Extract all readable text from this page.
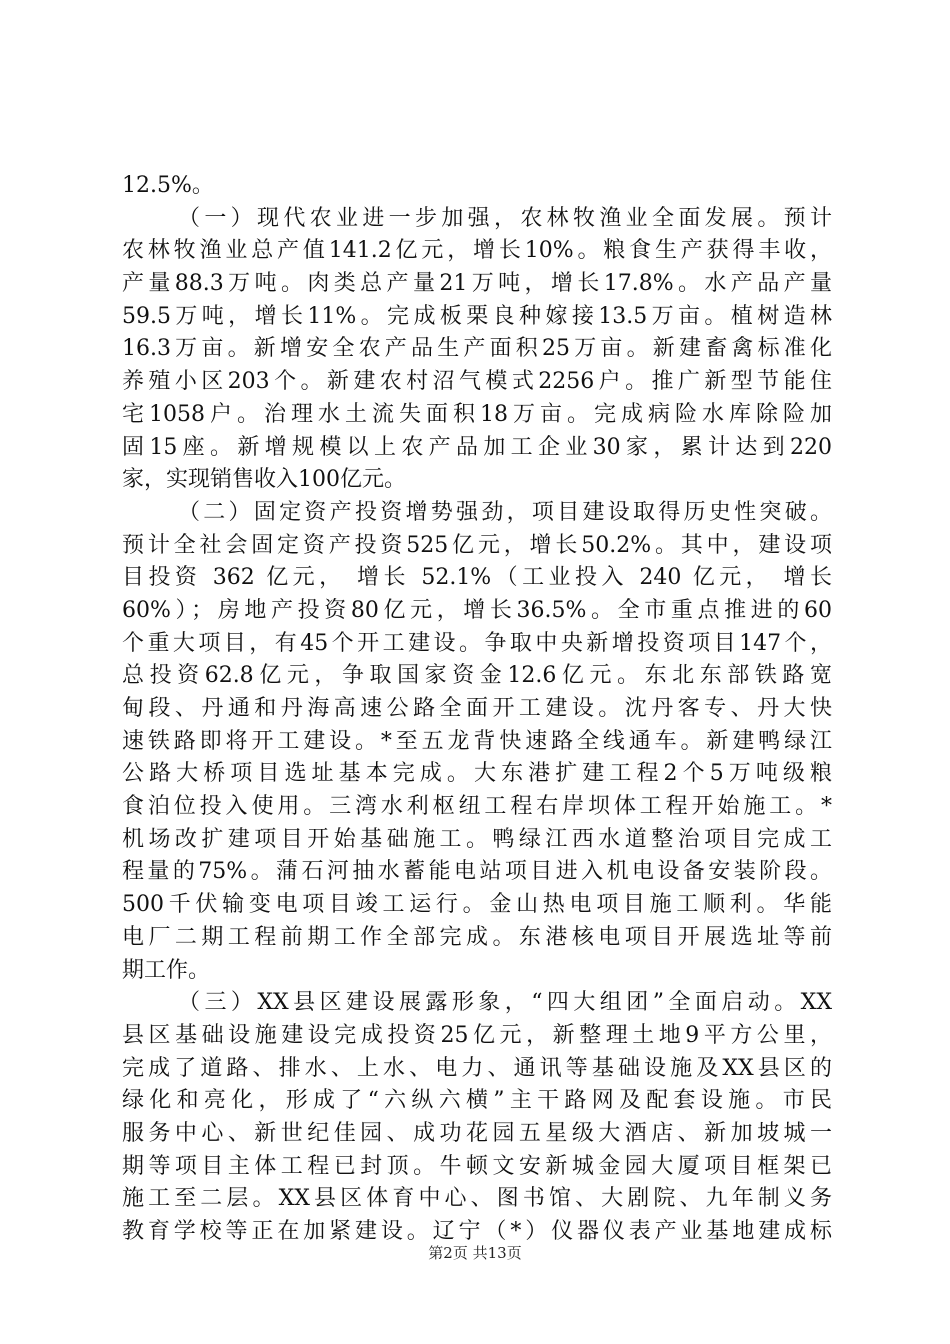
12.5%。
（一）现代农业进一步加强，农林牧渔业全面发展。预计
农林牧渔业总产值141.2亿元，增长10%。粮食生产获得丰收，
产量88.3万吨。肉类总产量21万吨，增长17.8%。水产品产量
59.5万吨，增长11%。完成板栗良种嫁接13.5万亩。植树造林
16.3万亩。新增安全农产品生产面积25万亩。新建畜禽标准化
养殖小区203个。新建农村沼气模式2256户。推广新型节能住
宅1058户。治理水土流失面积18万亩。完成病险水库除险加
固15座。新增规模以上农产品加工企业30家，累计达到220
家，实现销售收入100亿元。
（二）固定资产投资增势强劲，项目建设取得历史性突破。
预计全社会固定资产投资525亿元，增长50.2%。其中，建设项
目投资 362 亿元， 增长 52.1%（工业投入 240 亿元， 增长
60%）；房地产投资80亿元，增长36.5%。全市重点推进的60
个重大项目，有45个开工建设。争取中央新增投资项目147个，
总投资62.8亿元，争取国家资金12.6亿元。东北东部铁路宽
甸段、丹通和丹海高速公路全面开工建设。沈丹客专、丹大快
速铁路即将开工建设。*至五龙背快速路全线通车。新建鸭绿江
公路大桥项目选址基本完成。大东港扩建工程2个5万吨级粮
食泊位投入使用。三湾水利枢纽工程右岸坝体工程开始施工。*
机场改扩建项目开始基础施工。鸭绿江西水道整治项目完成工
程量的75%。蒲石河抽水蓄能电站项目进入机电设备安装阶段。
500千伏输变电项目竣工运行。金山热电项目施工顺利。华能
电厂二期工程前期工作全部完成。东港核电项目开展选址等前
期工作。
（三）XX县区建设展露形象，“四大组团”全面启动。XX
县区基础设施建设完成投资25亿元，新整理土地9平方公里，
完成了道路、排水、上水、电力、通讯等基础设施及XX县区的
绿化和亮化，形成了“六纵六横”主干路网及配套设施。市民
服务中心、新世纪佳园、成功花园五星级大酒店、新加坡城一
期等项目主体工程已封顶。牛顿文安新城金园大厦项目框架已
施工至二层。XX县区体育中心、图书馆、大剧院、九年制义务
教育学校等正在加紧建设。辽宁（*）仪器仪表产业基地建成标
第2页 共13页
